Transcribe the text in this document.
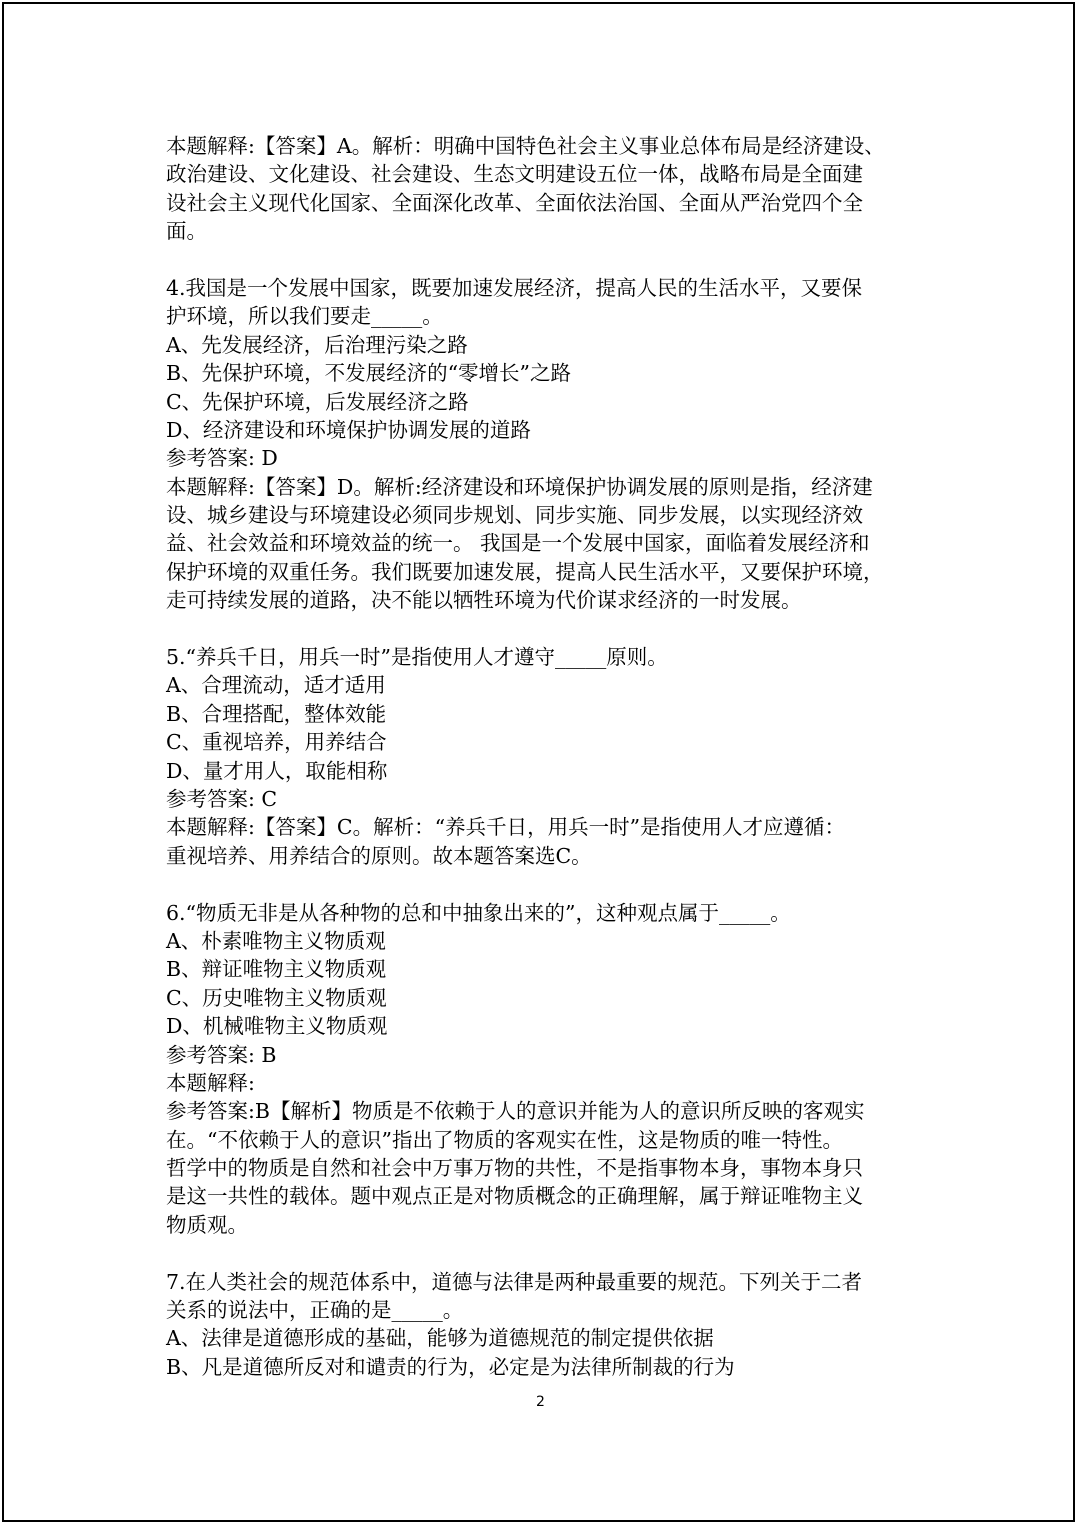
本题解释:【答案】A。解析：明确中国特色社会主义事业总体布局是经济建设、
政治建设、文化建设、社会建设、生态文明建设五位一体，战略布局是全面建
设社会主义现代化国家、全面深化改革、全面依法治国、全面从严治党四个全
面。
4.我国是一个发展中国家，既要加速发展经济，提高人民的生活水平，又要保
护环境，所以我们要走_____。
A、先发展经济，后治理污染之路
B、先保护环境，不发展经济的“零增长”之路
C、先保护环境，后发展经济之路
D、经济建设和环境保护协调发展的道路
参考答案: D
本题解释:【答案】D。解析:经济建设和环境保护协调发展的原则是指，经济建
设、城乡建设与环境建设必须同步规划、同步实施、同步发展，以实现经济效
益、社会效益和环境效益的统一。 我国是一个发展中国家，面临着发展经济和
保护环境的双重任务。我们既要加速发展，提高人民生活水平，又要保护环境，
走可持续发展的道路，决不能以牺牲环境为代价谋求经济的一时发展。
5.“养兵千日，用兵一时”是指使用人才遵守_____原则。
A、合理流动，适才适用
B、合理搭配，整体效能
C、重视培养，用养结合
D、量才用人，取能相称
参考答案: C
本题解释:【答案】C。解析：“养兵千日，用兵一时”是指使用人才应遵循：
重视培养、用养结合的原则。故本题答案选C。
6.“物质无非是从各种物的总和中抽象出来的”，这种观点属于_____。
A、朴素唯物主义物质观
B、辩证唯物主义物质观
C、历史唯物主义物质观
D、机械唯物主义物质观
参考答案: B
本题解释:
参考答案:B【解析】物质是不依赖于人的意识并能为人的意识所反映的客观实
在。“不依赖于人的意识”指出了物质的客观实在性，这是物质的唯一特性。
哲学中的物质是自然和社会中万事万物的共性，不是指事物本身，事物本身只
是这一共性的载体。题中观点正是对物质概念的正确理解，属于辩证唯物主义
物质观。
7.在人类社会的规范体系中，道德与法律是两种最重要的规范。下列关于二者
关系的说法中，正确的是_____。
A、法律是道德形成的基础，能够为道德规范的制定提供依据
B、凡是道德所反对和谴责的行为，必定是为法律所制裁的行为
2
